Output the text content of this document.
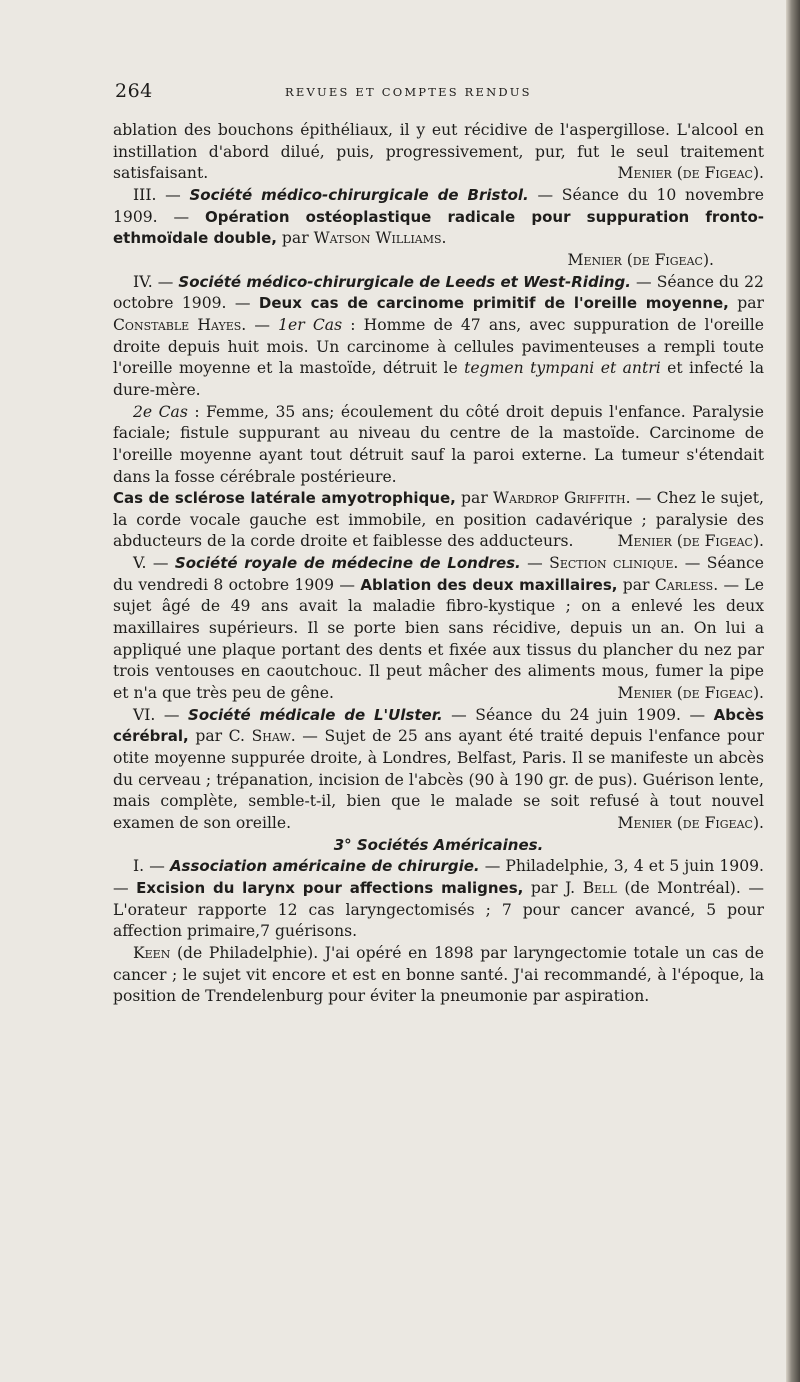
264	REVUES ET COMPTES RENDUS

ablation des bouchons épithéliaux, il y eut récidive de l'aspergillose. L'alcool en instillation d'abord dilué, puis, progressivement, pur, fut le seul traitement satisfaisant.	Menier (de Figeac).

III. — Société médico-chirurgicale de Bristol. — Séance du 10 novembre 1909. — Opération ostéoplastique radicale pour suppuration fronto-ethmoïdale double, par Watson Williams.

Menier (de Figeac).

IV. — Société médico-chirurgicale de Leeds et West-Riding. — Séance du 22 octobre 1909. — Deux cas de carcinome primitif de l'oreille moyenne, par Constable Hayes. — 1er Cas : Homme de 47 ans, avec suppuration de l'oreille droite depuis huit mois. Un carcinome à cellules pavimenteuses a rempli toute l'oreille moyenne et la mastoïde, détruit le tegmen tympani et antri et infecté la dure-mère.

2e Cas : Femme, 35 ans; écoulement du côté droit depuis l'enfance. Paralysie faciale; fistule suppurant au niveau du centre de la mastoïde. Carcinome de l'oreille moyenne ayant tout détruit sauf la paroi externe. La tumeur s'étendait dans la fosse cérébrale postérieure.

Cas de sclérose latérale amyotrophique, par Wardrop Griffith. — Chez le sujet, la corde vocale gauche est immobile, en position cadavérique ; paralysie des abducteurs de la corde droite et faiblesse des adducteurs.	Menier (de Figeac).

V. — Société royale de médecine de Londres. — Section clinique. — Séance du vendredi 8 octobre 1909 — Ablation des deux maxillaires, par Carless. — Le sujet âgé de 49 ans avait la maladie fibro-kystique ; on a enlevé les deux maxillaires supérieurs. Il se porte bien sans récidive, depuis un an. On lui a appliqué une plaque portant des dents et fixée aux tissus du plancher du nez par trois ventouses en caoutchouc. Il peut mâcher des aliments mous, fumer la pipe et n'a que très peu de gêne.	Menier (de Figeac).

VI. — Société médicale de L'Ulster. — Séance du 24 juin 1909. — Abcès cérébral, par C. Shaw. — Sujet de 25 ans ayant été traité depuis l'enfance pour otite moyenne suppurée droite, à Londres, Belfast, Paris. Il se manifeste un abcès du cerveau ; trépanation, incision de l'abcès (90 à 190 gr. de pus). Guérison lente, mais complète, semble-t-il, bien que le malade se soit refusé à tout nouvel examen de son oreille.	Menier (de Figeac).

3° Sociétés Américaines.

I. — Association américaine de chirurgie. — Philadelphie, 3, 4 et 5 juin 1909. — Excision du larynx pour affections malignes, par J. Bell (de Montréal). — L'orateur rapporte 12 cas laryngectomisés ; 7 pour cancer avancé, 5 pour affection primaire,7 guérisons.

Keen (de Philadelphie). J'ai opéré en 1898 par laryngectomie totale un cas de cancer ; le sujet vit encore et est en bonne santé. J'ai recommandé, à l'époque, la position de Trendelenburg pour éviter la pneumonie par aspiration.
